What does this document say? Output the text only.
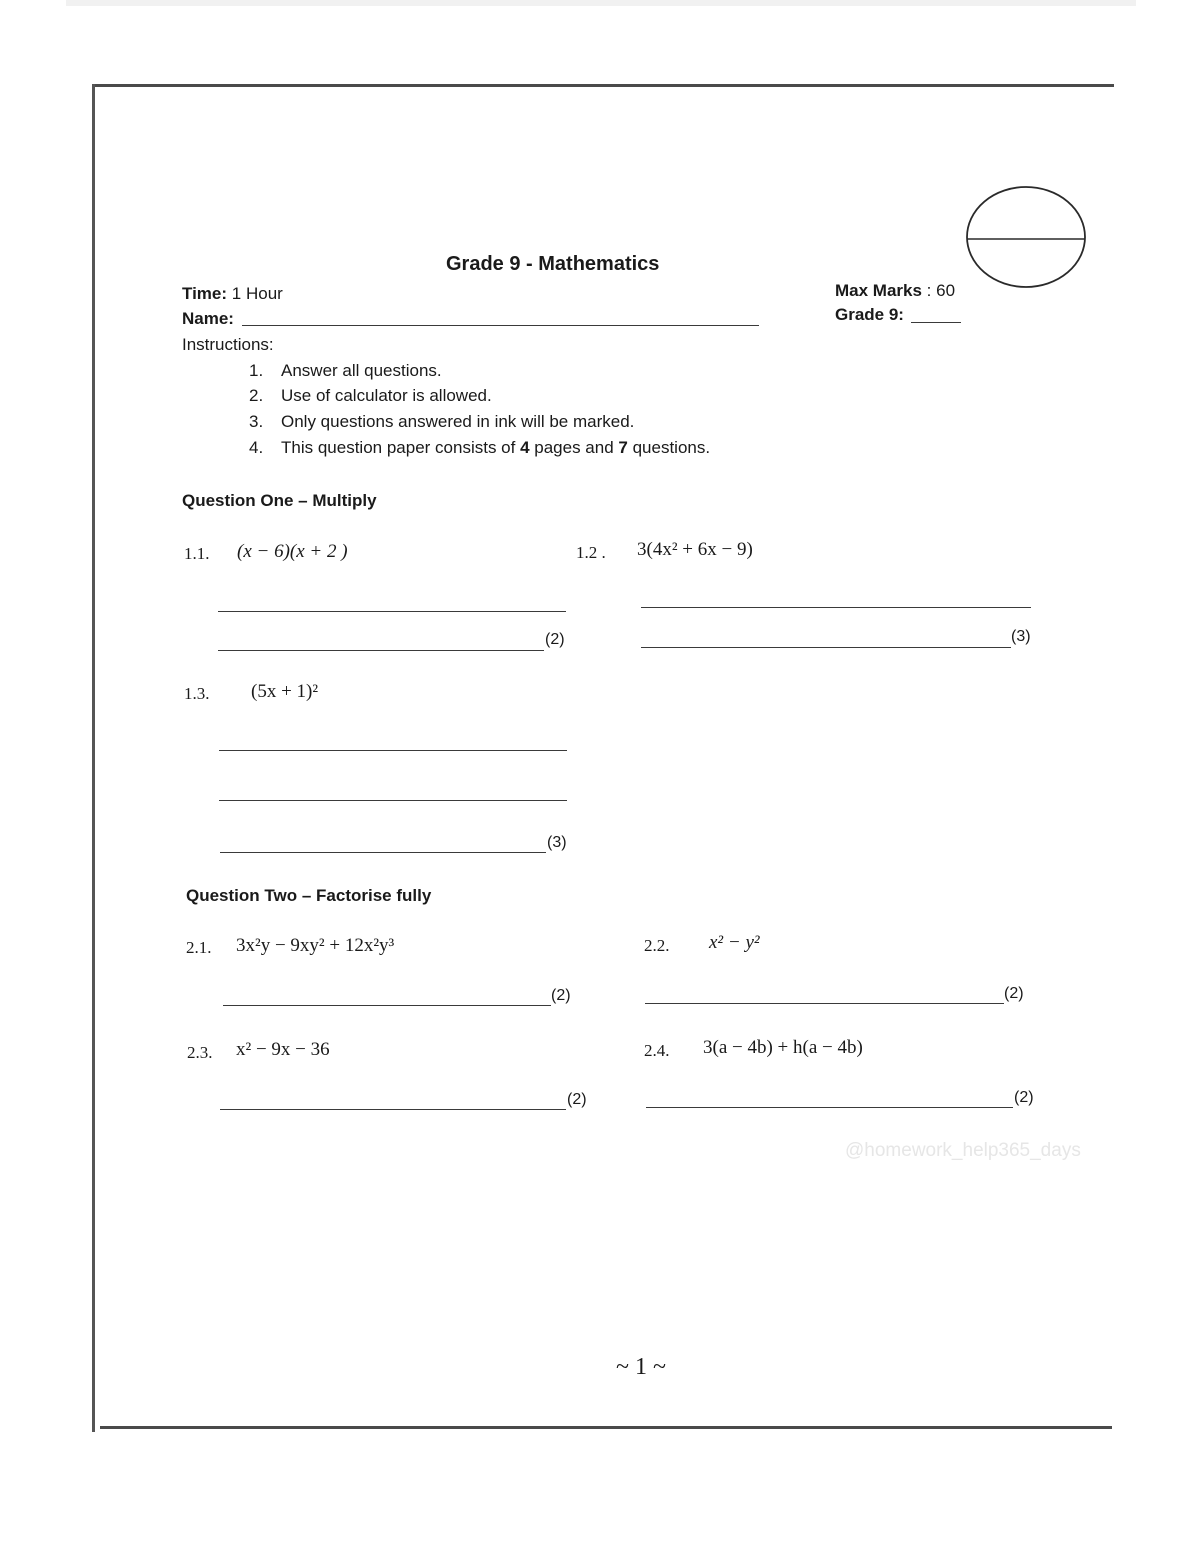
Grade 9 - Mathematics
Time: 1 Hour
Name:
Max Marks : 60
Grade 9:
Instructions:
1. Answer all questions.
2. Use of calculator is allowed.
3. Only questions answered in ink will be marked.
4. This question paper consists of 4 pages and 7 questions.
Question One – Multiply
1.1. (x − 6)(x + 2 )
(2)
1.2 . 3(4x² + 6x − 9)
(3)
1.3. (5x + 1)²
(3)
Question Two – Factorise fully
2.1. 3x²y − 9xy² + 12x²y³
(2)
2.2. x² − y²
(2)
2.3. x² − 9x − 36
(2)
2.4. 3(a − 4b) + h(a − 4b)
(2)
@homework_help365_days
~ 1 ~
